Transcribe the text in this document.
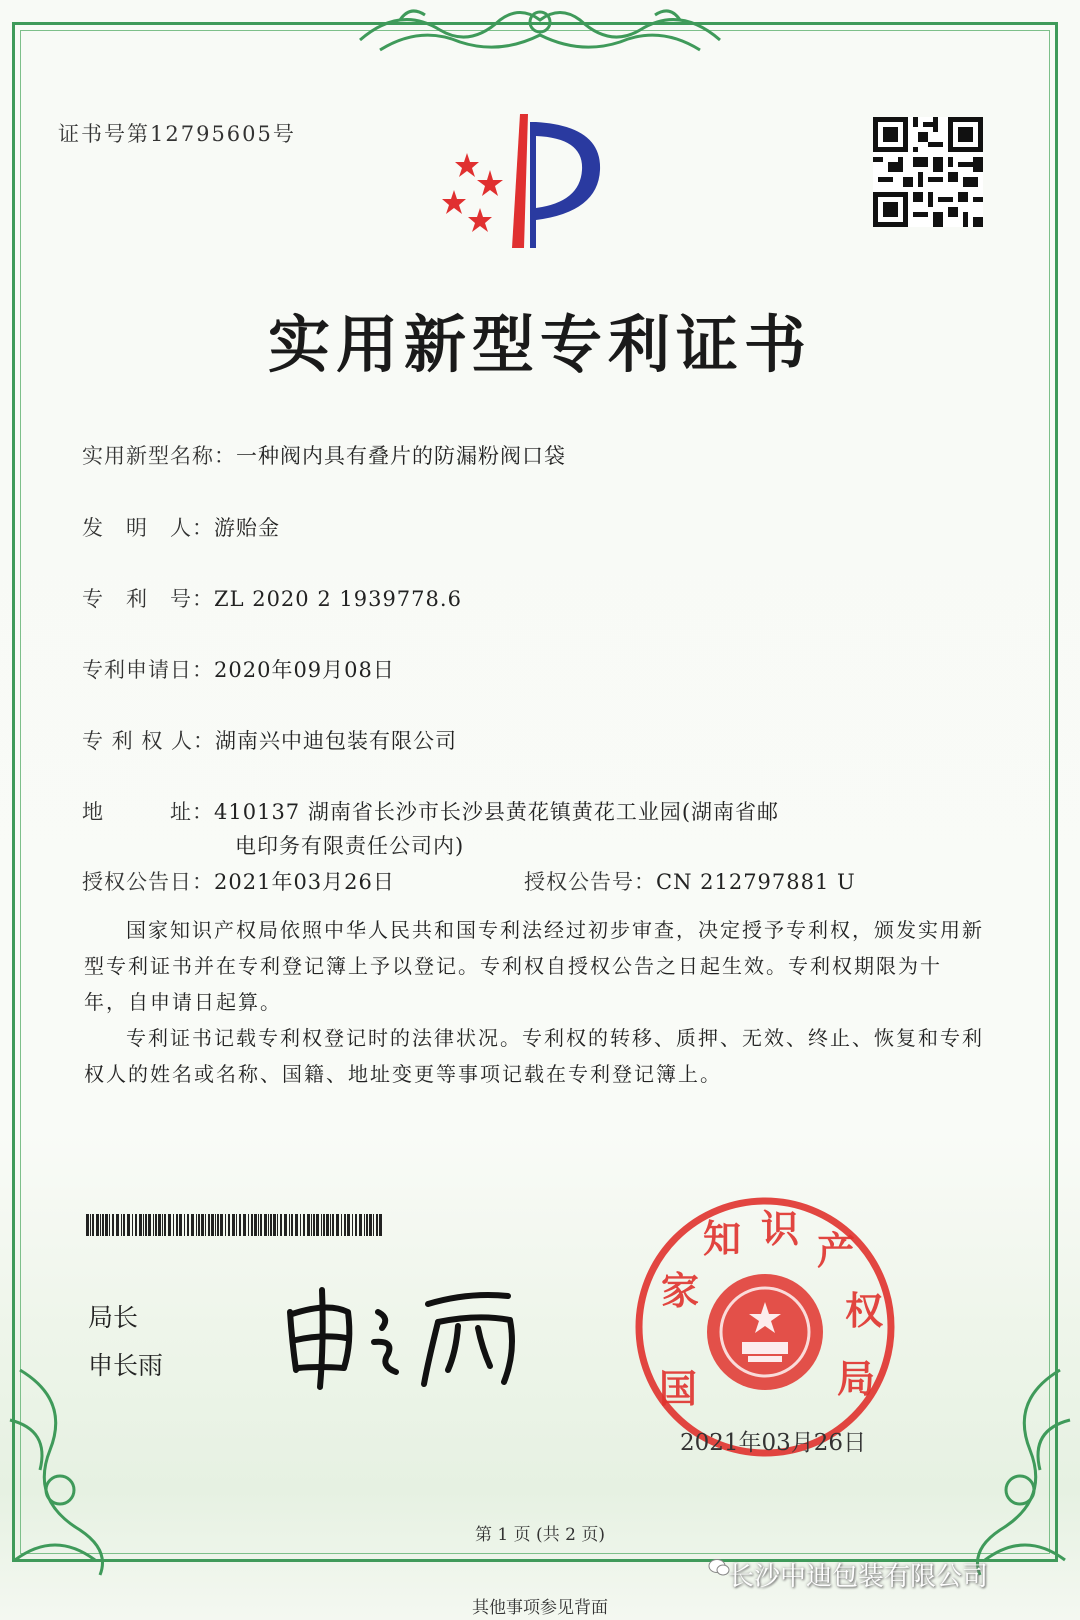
证书号第12795605号
实用新型专利证书
实用新型名称：一种阀内具有叠片的防漏粉阀口袋
发　明　人：游贻金
专　利　号：ZL 2020 2 1939778.6
专利申请日：2020年09月08日
专 利 权 人：湖南兴中迪包装有限公司
地　　　址：410137 湖南省长沙市长沙县黄花镇黄花工业园(湖南省邮
电印务有限责任公司内)
授权公告日：2021年03月26日	授权公告号：CN 212797881 U

国家知识产权局依照中华人民共和国专利法经过初步审查，决定授予专利权，颁发实用新型专利证书并在专利登记簿上予以登记。专利权自授权公告之日起生效。专利权期限为十年，自申请日起算。

专利证书记载专利权登记时的法律状况。专利权的转移、质押、无效、终止、恢复和专利权人的姓名或名称、国籍、地址变更等事项记载在专利登记簿上。

局长
申长雨
国
家
知 识 产
权
局
2021年03月26日
第 1 页 (共 2 页)
长沙中迪包装有限公司
其他事项参见背面
